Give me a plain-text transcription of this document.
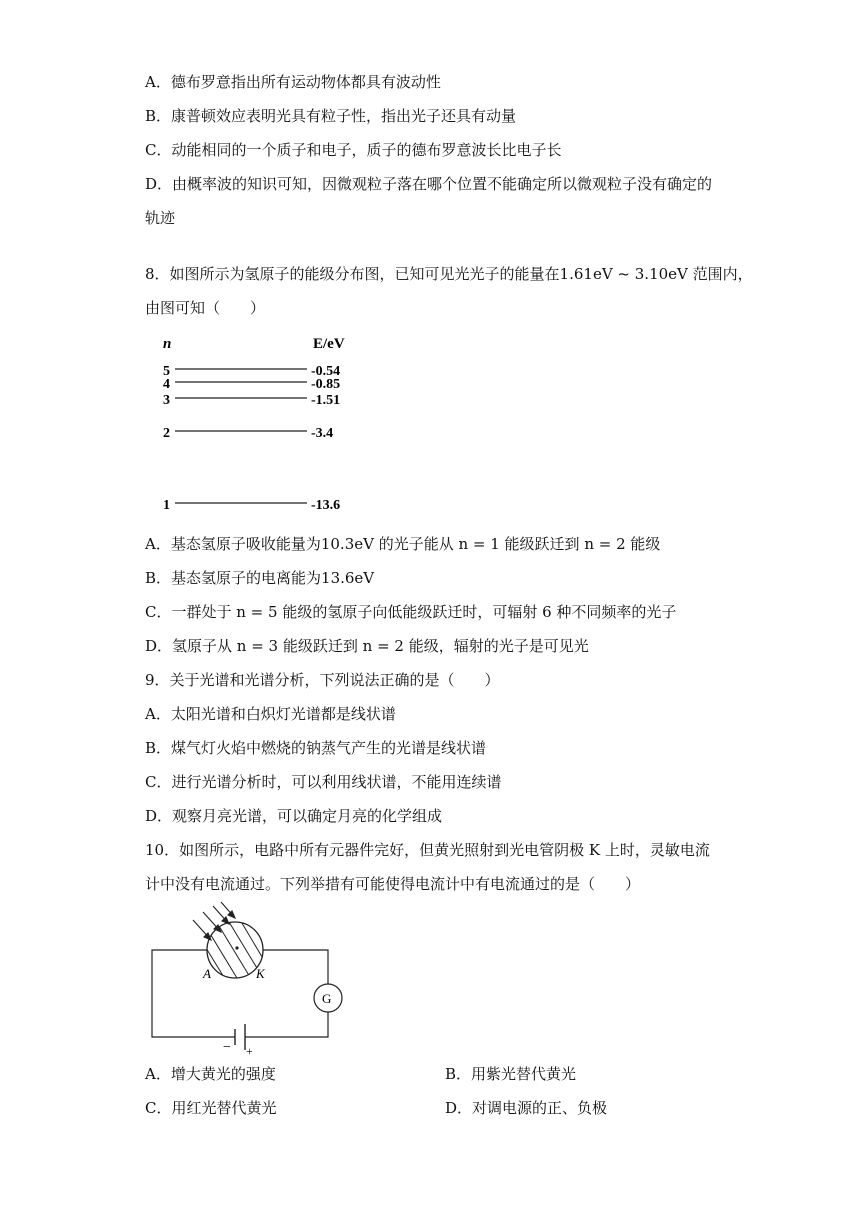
A．德布罗意指出所有运动物体都具有波动性
B．康普顿效应表明光具有粒子性，指出光子还具有动量
C．动能相同的一个质子和电子，质子的德布罗意波长比电子长
D．由概率波的知识可知，因微观粒子落在哪个位置不能确定所以微观粒子没有确定的
轨迹
8．如图所示为氢原子的能级分布图，已知可见光光子的能量在1.61eV ~ 3.10eV 范围内，
由图可知（　　）
n	E/eV
5	-0.54
4	-0.85
3	-1.51
2	-3.4
1	-13.6
A．基态氢原子吸收能量为10.3eV 的光子能从 n = 1 能级跃迁到 n = 2 能级
B．基态氢原子的电离能为13.6eV
C．一群处于 n = 5 能级的氢原子向低能级跃迁时，可辐射 6 种不同频率的光子
D．氢原子从 n = 3 能级跃迁到 n = 2 能级，辐射的光子是可见光
9．关于光谱和光谱分析，下列说法正确的是（　　）
A．太阳光谱和白炽灯光谱都是线状谱
B．煤气灯火焰中燃烧的钠蒸气产生的光谱是线状谱
C．进行光谱分析时，可以利用线状谱，不能用连续谱
D．观察月亮光谱，可以确定月亮的化学组成
10．如图所示，电路中所有元器件完好，但黄光照射到光电管阴极 K 上时，灵敏电流
计中没有电流通过。下列举措有可能使得电流计中有电流通过的是（　　）
− +
G
A	K
A．增大黄光的强度	B．用紫光替代黄光
C．用红光替代黄光	D．对调电源的正、负极
